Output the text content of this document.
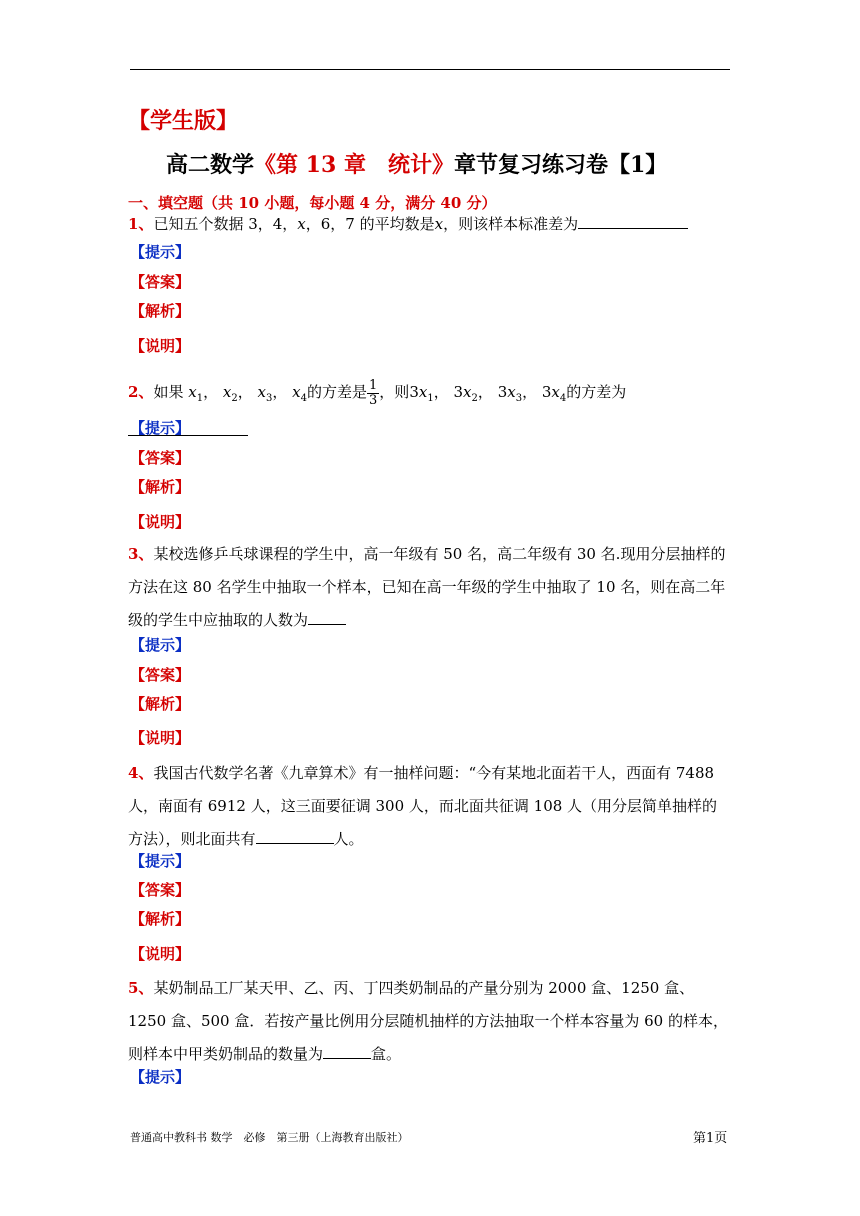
【学生版】
高二数学《第 13 章　统计》章节复习练习卷【1】
一、填空题（共 10 小题，每小题 4 分，满分 40 分）
1、已知五个数据 3，4，x，6，7 的平均数是x，则该样本标准差为
【提示】
【答案】
【解析】
【说明】
2、如果 $x_1$， $x_2$， $x_3$， $x_4$的方差是 $\frac{1}{3}$ ，则$3x_1$， $3x_2$， $3x_3$， $3x_4$的方差为
【提示】
【答案】
【解析】
【说明】
3、某校选修乒乓球课程的学生中，高一年级有 50 名，高二年级有 30 名.现用分层抽样的方法在这 80 名学生中抽取一个样本，已知在高一年级的学生中抽取了 10 名，则在高二年级的学生中应抽取的人数为
【提示】
【答案】
【解析】
【说明】
4、我国古代数学名著《九章算术》有一抽样问题：“今有某地北面若干人，西面有 7488 人，南面有 6912 人，这三面要征调 300 人，而北面共征调 108 人（用分层简单抽样的方法），则北面共有	人。
【提示】
【答案】
【解析】
【说明】
5、某奶制品工厂某天甲、乙、丙、丁四类奶制品的产量分别为 2000 盒、1250 盒、1250 盒、500 盒．若按产量比例用分层随机抽样的方法抽取一个样本容量为 60 的样本，则样本中甲类奶制品的数量为	盒。
【提示】
普通高中教科书 数学　必修　第三册（上海教育出版社）	第1页
